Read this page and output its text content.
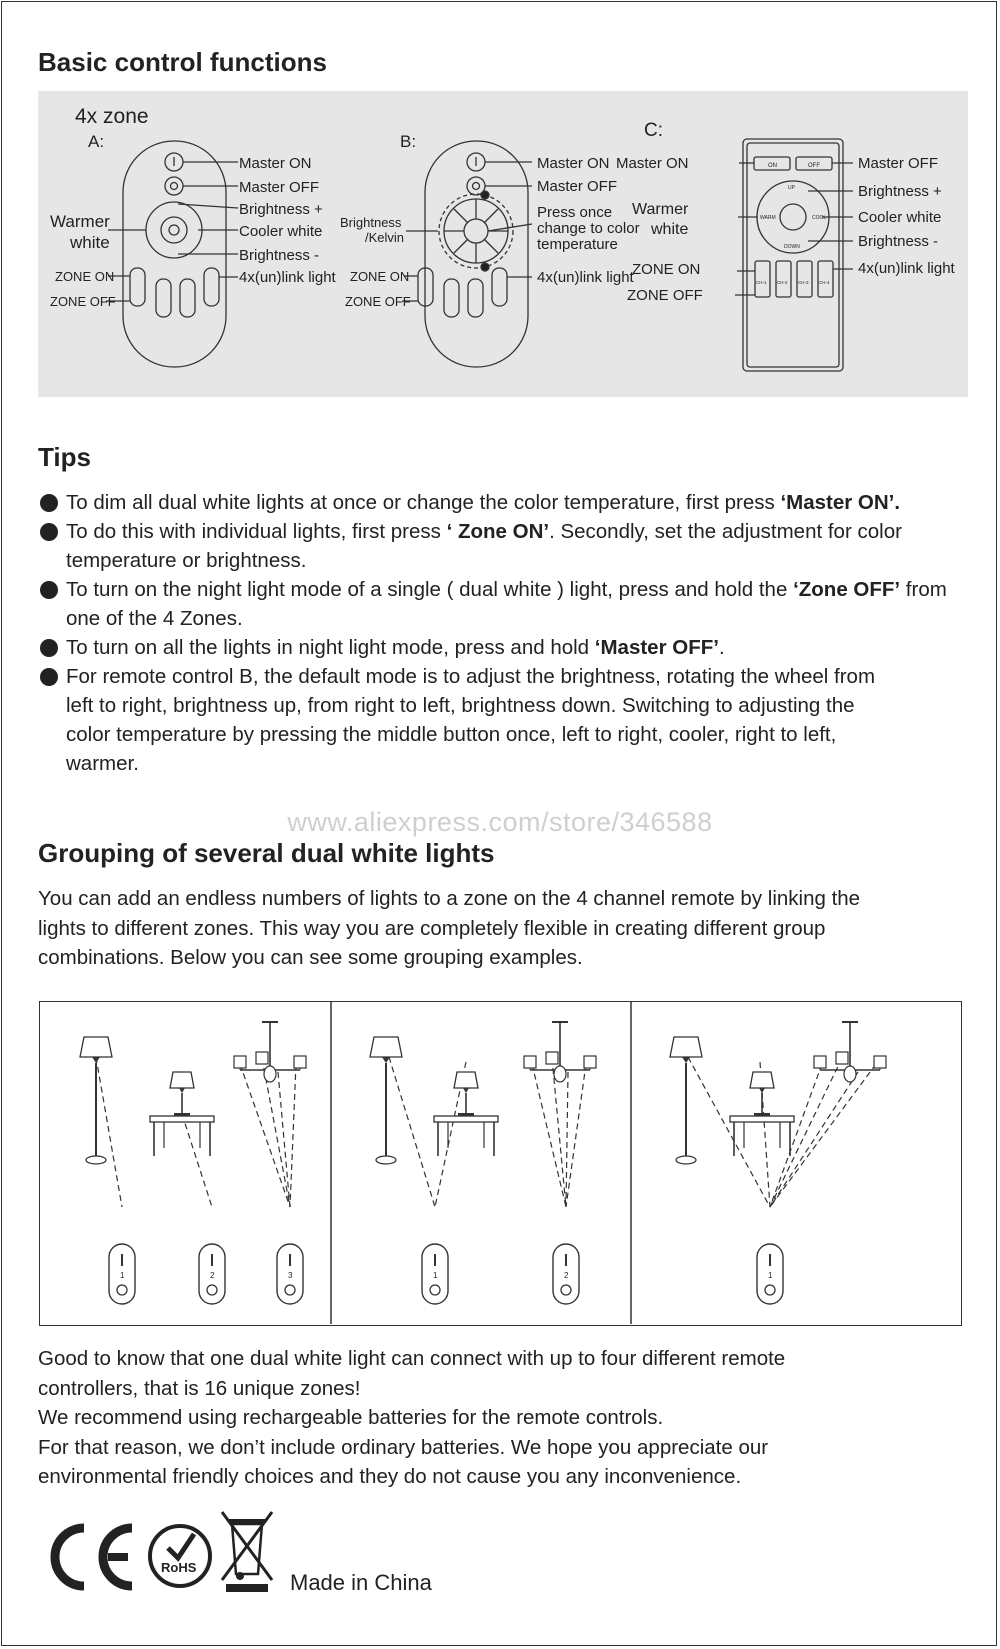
Basic control functions
4x zone
A:
Master ON
Master OFF
Brightness +
Cooler white
Brightness -
4x(un)link light
Warmer
white
ZONE ON
ZONE OFF
B:
Master ON
Master OFF
Press once
change to color
temperature
4x(un)link light
Brightness
/Kelvin
ZONE ON
ZONE OFF
C:
Master ON	Master OFF
Brightness +
Cooler white
Brightness -
4x(un)link light
Warmer
white
ZONE ON
ZONE OFF
ON	OFF
UP
DOWN
WARM	COOL
CH-1 CH-2 CH-3 CH-4
Tips

To dim all dual white lights at once or change the color temperature, first press ‘Master ON’.

To do this with individual lights, first press ‘ Zone ON’. Secondly, set the adjustment for color temperature or brightness.

To turn on the night light mode of a single ( dual white ) light, press and hold the ‘Zone OFF’ from one of the 4 Zones.

To turn on all the lights in night light mode, press and hold ‘Master OFF’.

For remote control B, the default mode is to adjust the brightness, rotating the wheel from
left to right, brightness up, from right to left, brightness down. Switching to adjusting the
color temperature by pressing the middle button once, left to right, cooler, right to left,
warmer.

www.aliexpress.com/store/346588
Grouping of several dual white lights

You can add an endless numbers of lights to a zone on the 4 channel remote by linking the
lights to different zones. This way you are completely flexible in creating different group
combinations. Below you can see some grouping examples.

1	2	3	1	2	1

Good to know that one dual white light can connect with up to four different remote
controllers, that is 16 unique zones!
We recommend using rechargeable batteries for the remote controls.
For that reason, we don’t include ordinary batteries. We hope you appreciate our
environmental friendly choices and they do not cause you any inconvenience.

RoHS
Made in China
